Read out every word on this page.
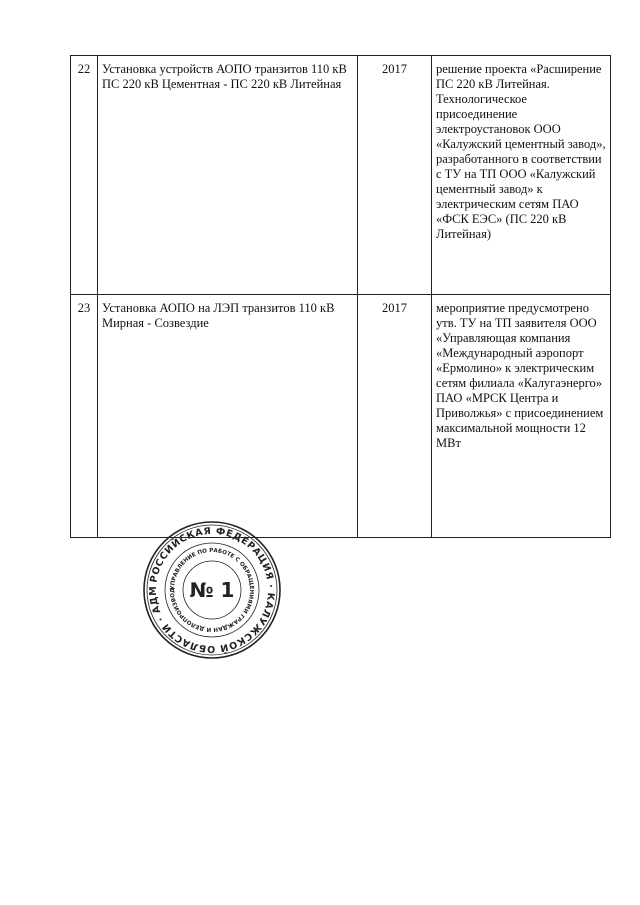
22	Установка устройств АОПО транзитов 110 кВ ПС 220 кВ Цементная - ПС 220 кВ Литейная	2017	решение проекта «Расширение ПС 220 кВ Литейная. Технологическое присоединение электроустановок ООО «Калужский цементный завод», разработанного в соответствии с ТУ на ТП ООО «Калужский цементный завод» к электрическим сетям ПАО «ФСК ЕЭС» (ПС 220 кВ Литейная)
23	Установка АОПО на ЛЭП транзитов 110 кВ Мирная - Созвездие	2017	мероприятие предусмотрено утв. ТУ на ТП заявителя ООО «Управляющая компания «Международный аэропорт «Ермолино» к электрическим сетям филиала «Калугаэнерго» ПАО «МРСК Центра и Приволжья» с присоединением максимальной мощности 12 МВт
РОССИЙСКАЯ ФЕДЕРАЦИЯ · КАЛУЖСКОЙ ОБЛАСТИ · АДМ	УПРАВЛЕНИЕ ПО РАБОТЕ С ОБРАЩЕНИЯМИ ГРАЖДАН И ДЕЛОПРОИЗВОД № 1
